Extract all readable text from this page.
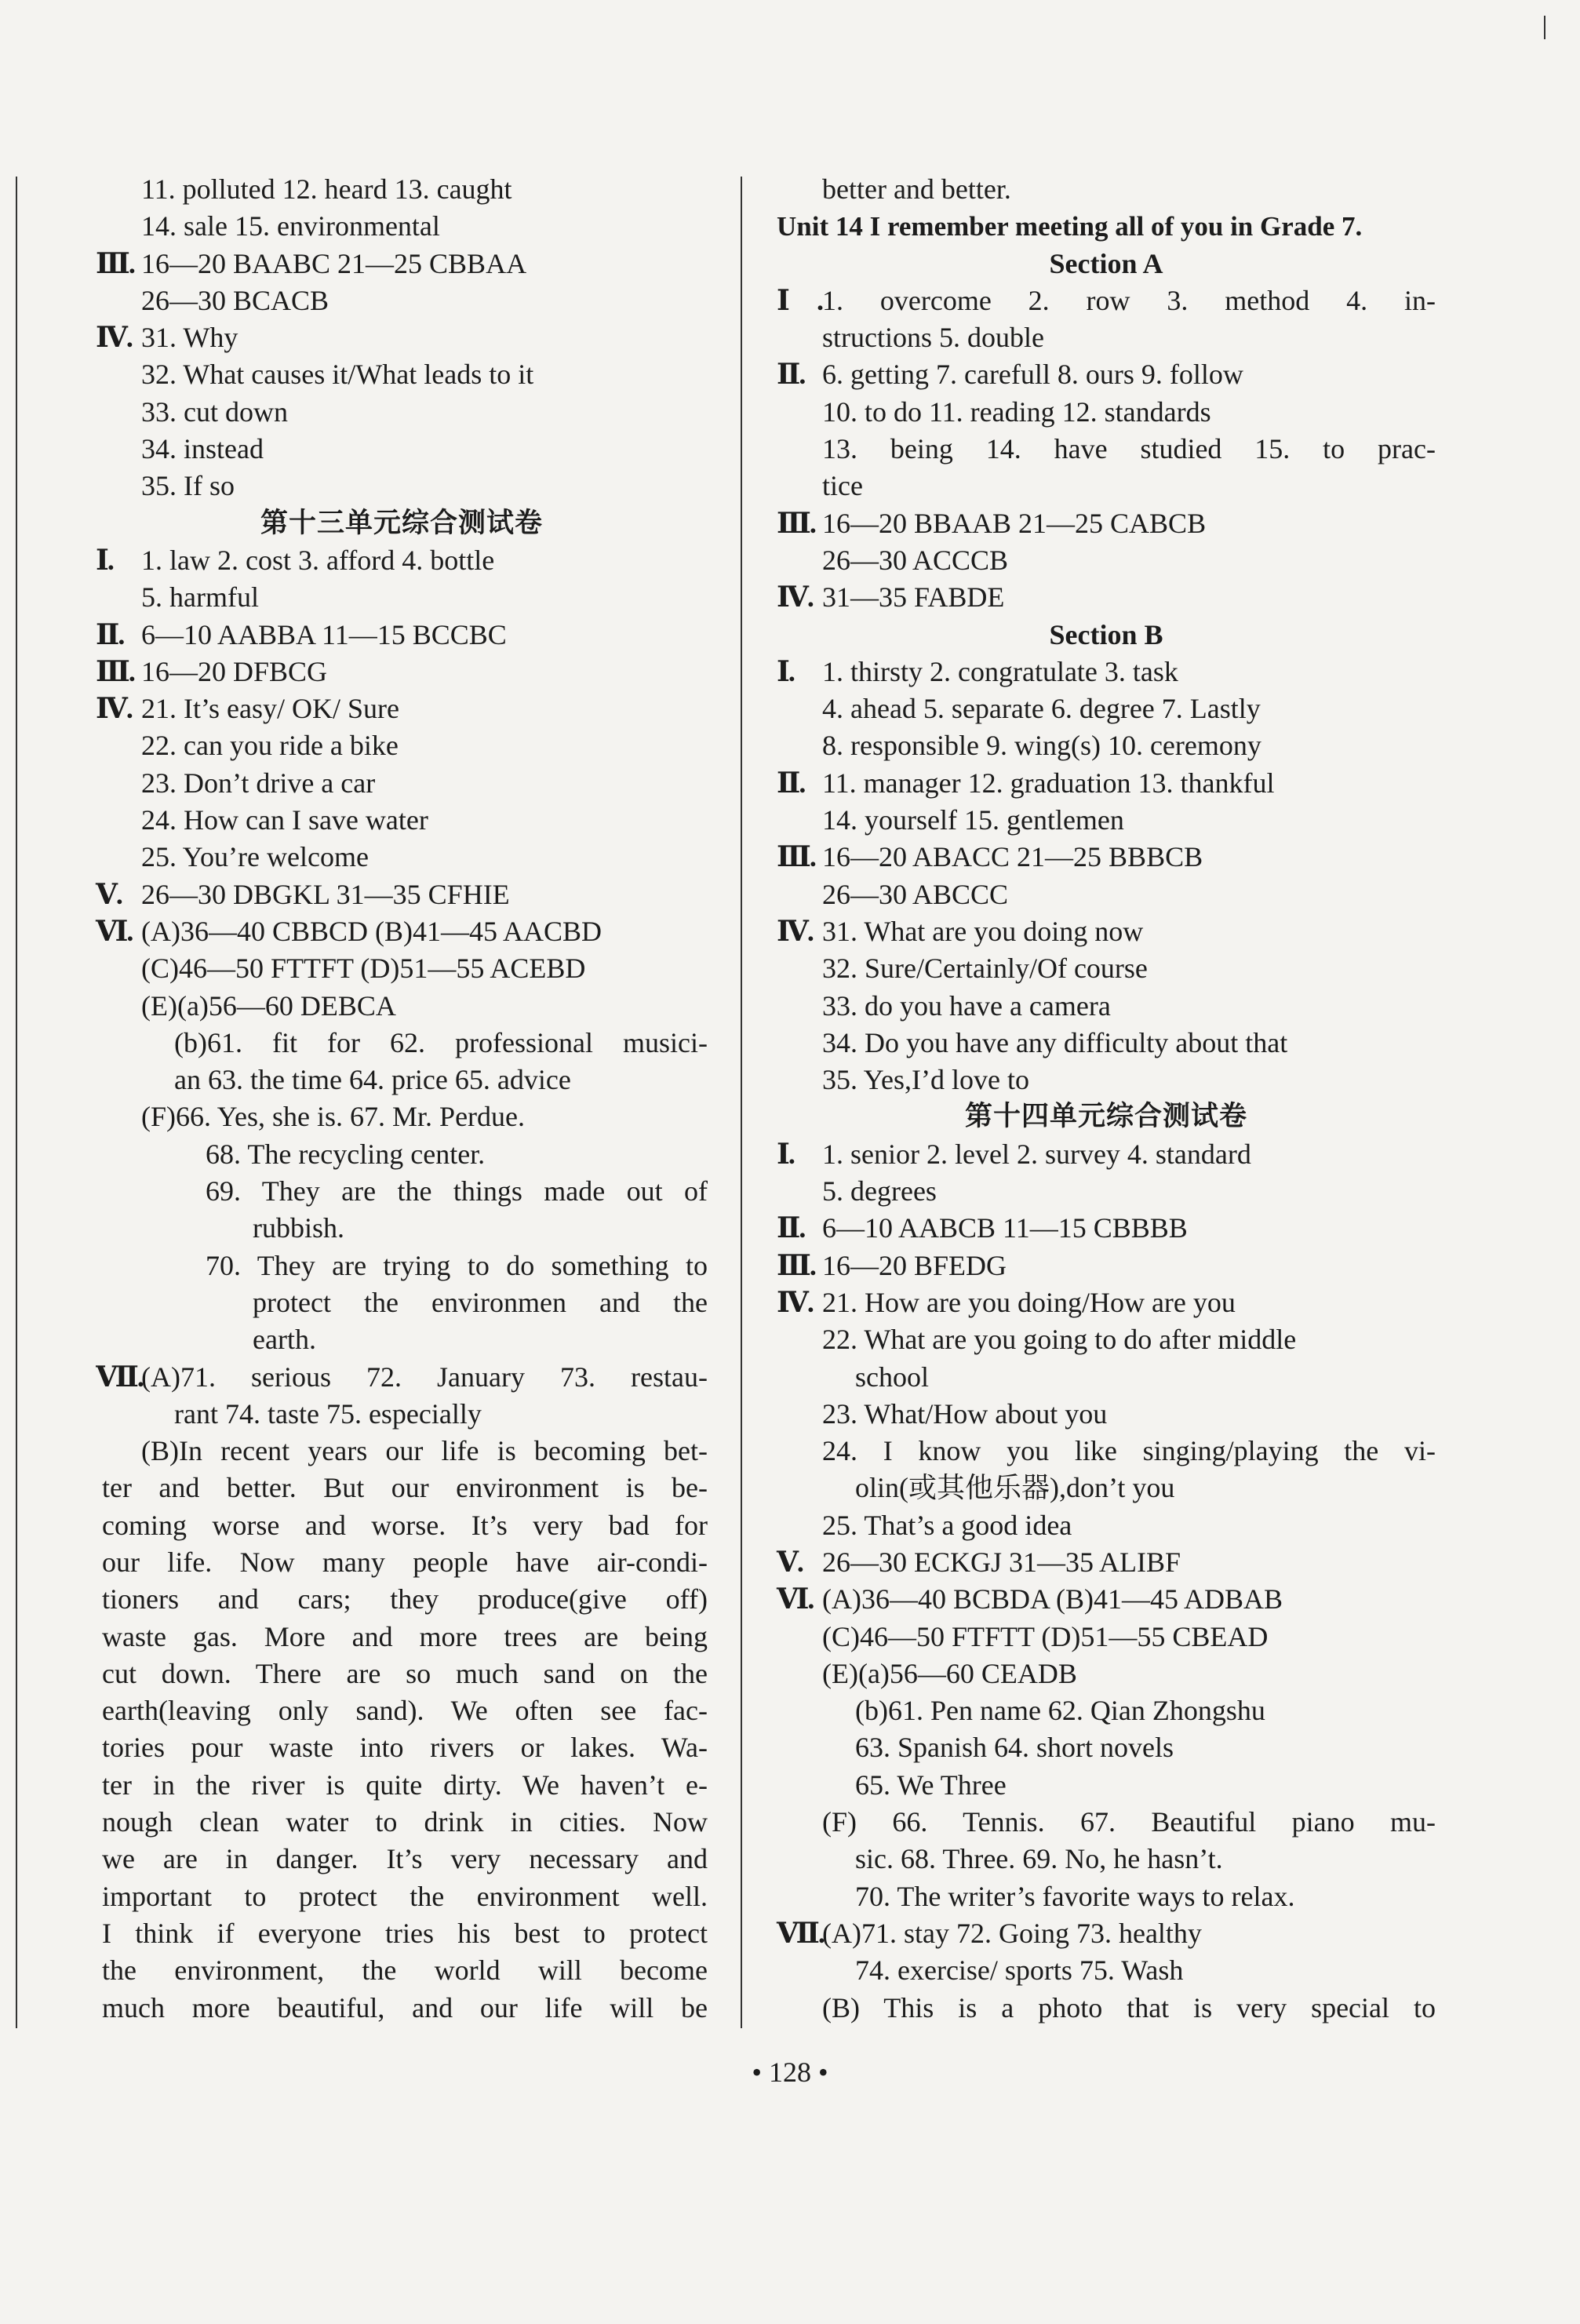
11. polluted 12. heard 13. caught
14. sale 15. environmental
Ⅲ. 16—20 BAABC 21—25 CBBAA
26—30 BCACB
Ⅳ. 31. Why
32. What causes it/What leads to it
33. cut down
34. instead
35. If so
第十三单元综合测试卷
Ⅰ. 1. law 2. cost 3. afford 4. bottle
5. harmful
Ⅱ. 6—10 AABBA 11—15 BCCBC
Ⅲ. 16—20 DFBCG
Ⅳ. 21. It’s easy/ OK/ Sure
22. can you ride a bike
23. Don’t drive a car
24. How can I save water
25. You’re welcome
Ⅴ. 26—30 DBGKL 31—35 CFHIE
Ⅵ. (A)36—40 CBBCD (B)41—45 AACBD
(C)46—50 FTTFT (D)51—55 ACEBD
(E)(a)56—60 DEBCA
(b)61. fit for 62. professional musici-
an 63. the time 64. price 65. advice
(F)66. Yes, she is. 67. Mr. Perdue.
68. The recycling center.
69. They are the things made out of
rubbish.
70. They are trying to do something to
protect the environmen and the
earth.
Ⅶ.(A)71. serious 72. January 73. restau-
rant 74. taste 75. especially
(B)In recent years our life is becoming bet-
ter and better. But our environment is be-
coming worse and worse. It’s very bad for
our life. Now many people have air-condi-
tioners and cars; they produce(give off)
waste gas. More and more trees are being
cut down. There are so much sand on the
earth(leaving only sand). We often see fac-
tories pour waste into rivers or lakes. Wa-
ter in the river is quite dirty. We haven’t e-
nough clean water to drink in cities. Now
we are in danger. It’s very necessary and
important to protect the environment well.
I think if everyone tries his best to protect
the environment, the world will become
much more beautiful, and our life will be
better and better.
Unit 14 I remember meeting all of you in Grade 7.
Section A
Ⅰ.1. overcome 2. row 3. method 4. in-
structions 5. double
Ⅱ. 6. getting 7. carefull 8. ours 9. follow
10. to do 11. reading 12. standards
13. being 14. have studied 15. to prac-
tice
Ⅲ. 16—20 BBAAB 21—25 CABCB
26—30 ACCCB
Ⅳ. 31—35 FABDE
Section B
Ⅰ. 1. thirsty 2. congratulate 3. task
4. ahead 5. separate 6. degree 7. Lastly
8. responsible 9. wing(s) 10. ceremony
Ⅱ. 11. manager 12. graduation 13. thankful
14. yourself 15. gentlemen
Ⅲ. 16—20 ABACC 21—25 BBBCB
26—30 ABCCC
Ⅳ. 31. What are you doing now
32. Sure/Certainly/Of course
33. do you have a camera
34. Do you have any difficulty about that
35. Yes,I’d love to
第十四单元综合测试卷
Ⅰ. 1. senior 2. level 2. survey 4. standard
5. degrees
Ⅱ. 6—10 AABCB 11—15 CBBBB
Ⅲ. 16—20 BFEDG
Ⅳ. 21. How are you doing/How are you
22. What are you going to do after middle
school
23. What/How about you
24. I know you like singing/playing the vi-
olin(或其他乐器),don’t you
25. That’s a good idea
Ⅴ. 26—30 ECKGJ 31—35 ALIBF
Ⅵ. (A)36—40 BCBDA (B)41—45 ADBAB
(C)46—50 FTFTT (D)51—55 CBEAD
(E)(a)56—60 CEADB
(b)61. Pen name 62. Qian Zhongshu
63. Spanish 64. short novels
65. We Three
(F) 66. Tennis. 67. Beautiful piano mu-
sic. 68. Three. 69. No, he hasn’t.
70. The writer’s favorite ways to relax.
Ⅶ.(A)71. stay 72. Going 73. healthy
74. exercise/ sports 75. Wash
(B) This is a photo that is very special to
• 128 •
